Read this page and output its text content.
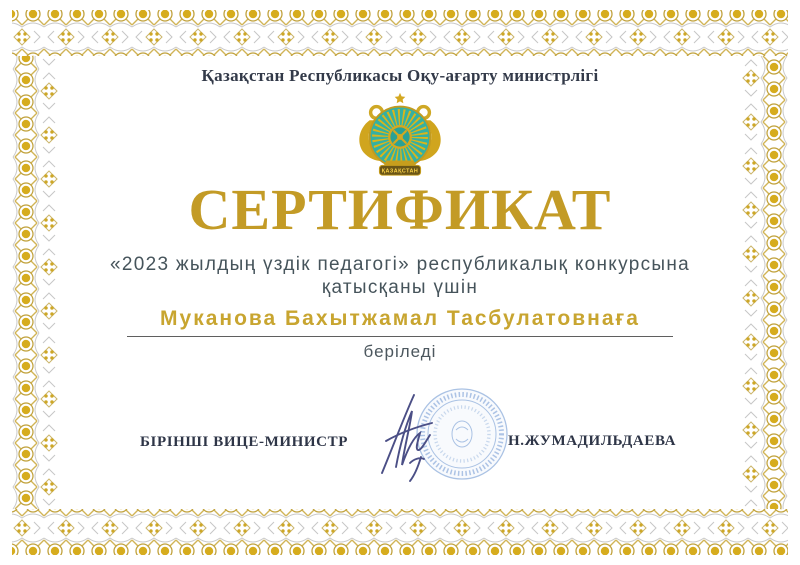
Қазақстан Республикасы Оқу-ағарту министрлігі
ҚАЗАҚСТАН
СЕРТИФИКАТ
«2023 жылдың үздік педагогі» республикалық конкурсына
қатысқаны үшін
Муканова Бахытжамал Тасбулатовнаға
беріледі
БІРІНШІ ВИЦЕ-МИНИСТР	Н.ЖУМАДИЛЬДАЕВА
